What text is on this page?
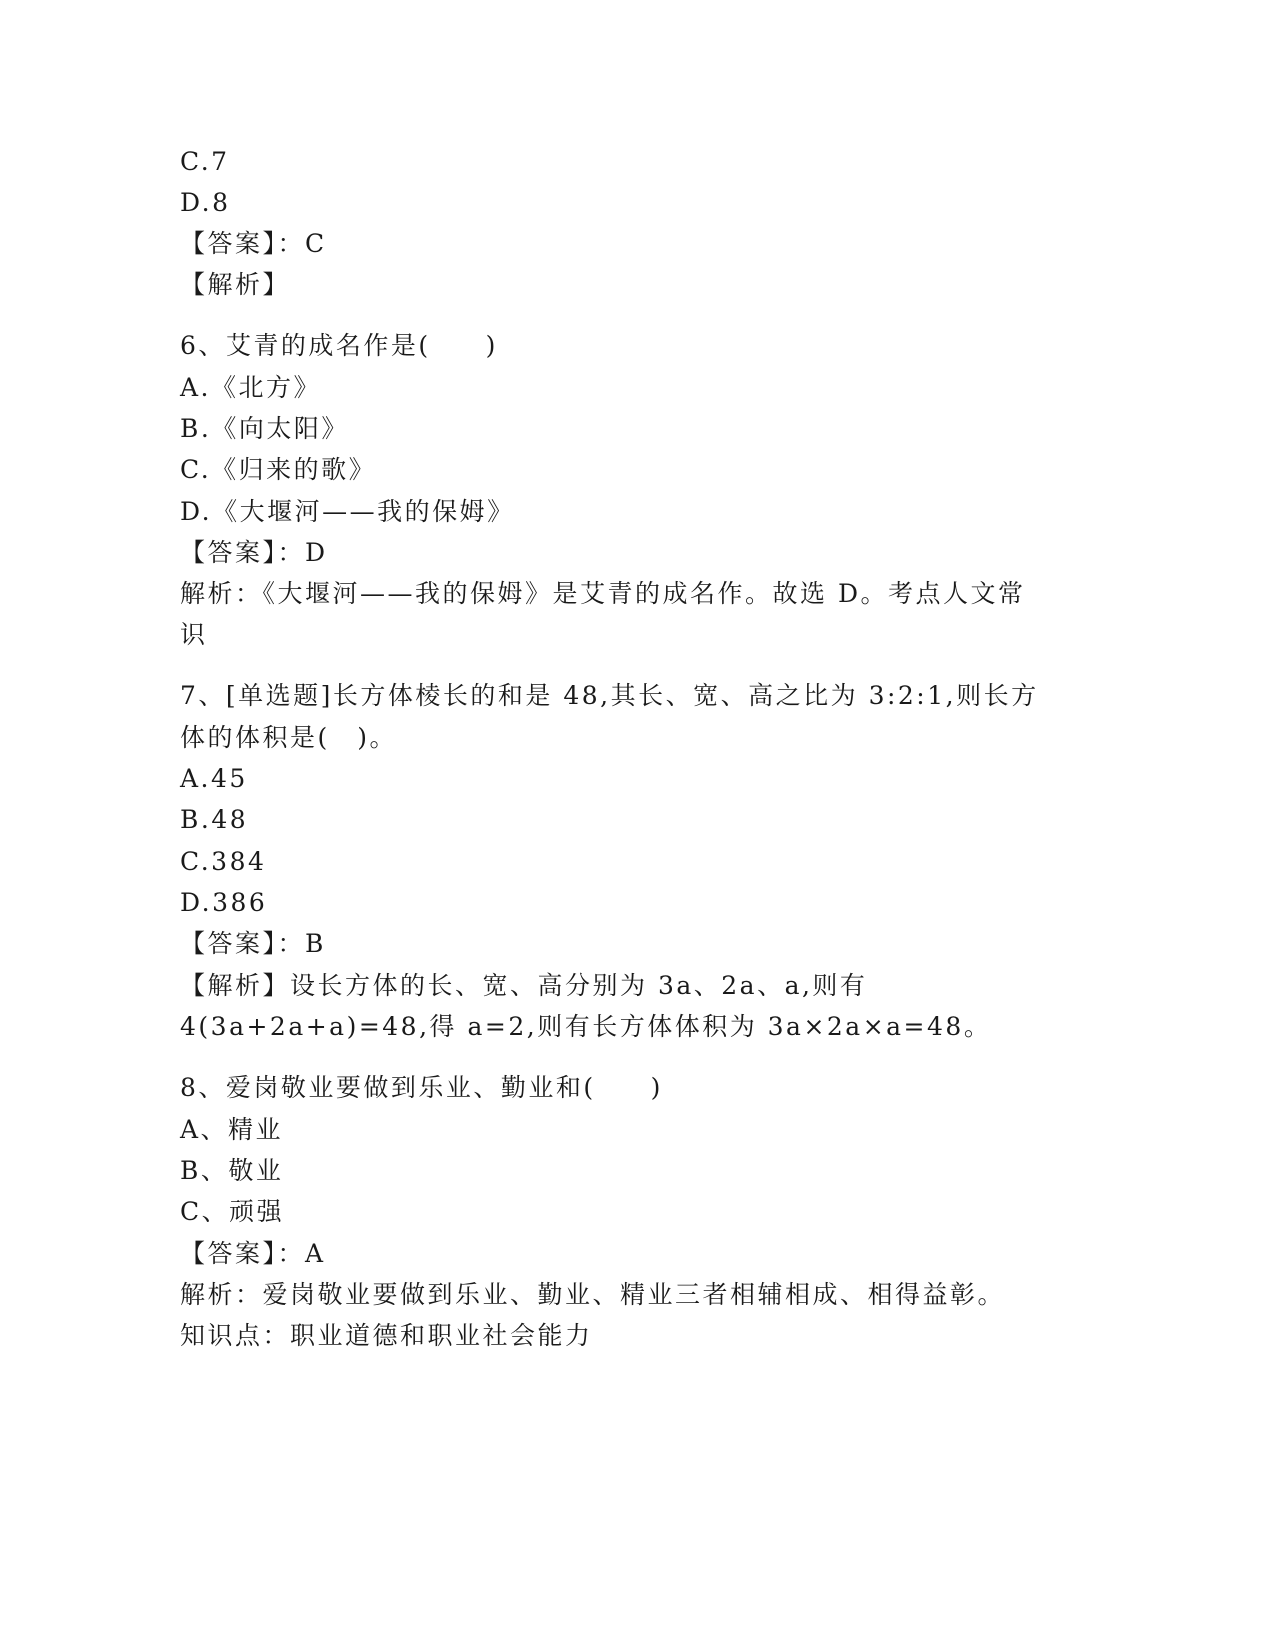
C.7
D.8
【答案】：C
【解析】
6、艾青的成名作是(　　)
A.《北方》
B.《向太阳》
C.《归来的歌》
D.《大堰河——我的保姆》
【答案】：D
解析：《大堰河——我的保姆》是艾青的成名作。故选 D。考点人文常
识
7、[单选题]长方体棱长的和是 48,其长、宽、高之比为 3:2:1,则长方
体的体积是(　)。
A.45
B.48
C.384
D.386
【答案】：B
【解析】设长方体的长、宽、高分别为 3a、2a、a,则有
4(3a+2a+a)=48,得 a=2,则有长方体体积为 3a×2a×a=48。
8、爱岗敬业要做到乐业、勤业和(　　)
A、精业
B、敬业
C、顽强
【答案】：A
解析：爱岗敬业要做到乐业、勤业、精业三者相辅相成、相得益彰。
知识点：职业道德和职业社会能力
